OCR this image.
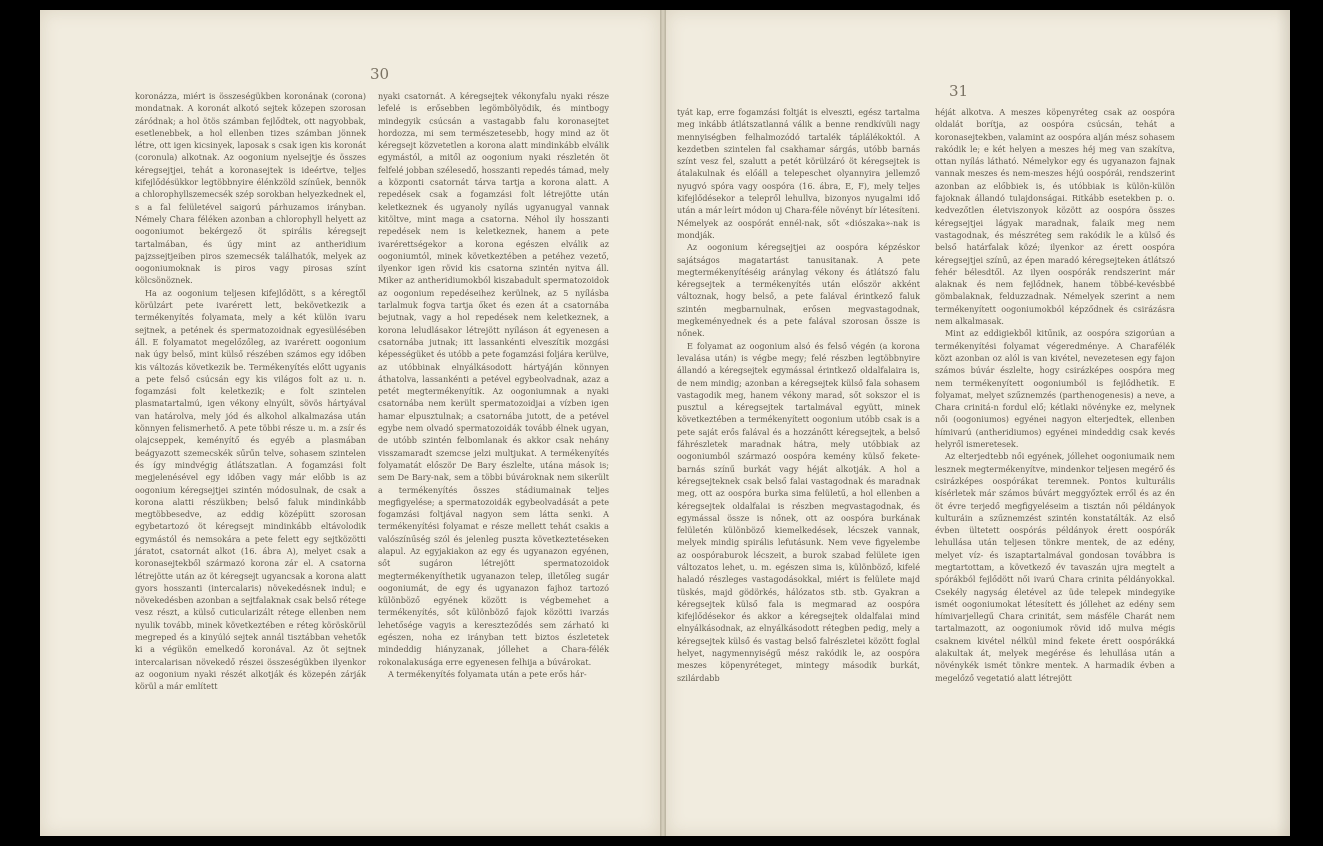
30

koronázza, miért is összeségükben koronának (corona) mondatnak. A koronát alkotó sejtek közepen szorosan záródnak; a hol ötös számban fejlődtek, ott nagyobbak, esetlenebbek, a hol ellenben tizes számban jönnek létre, ott igen kicsinyek, laposak s csak igen kis koronát (coronula) alkotnak. Az oogonium nyelsejtje és összes kéregsejtjei, tehát a koronasejtek is ideértve, teljes kifejlődésükkor legtöbbnyire élénkzöld színűek, bennök a chlorophyllszemecsék szép sorokban helyezkednek el, s a fal felületével saigorú párhuzamos irányban. Némely Chara féléken azonban a chlorophyll helyett az oogoniumot bekérgező öt spirális kéregsejt tartalmában, és úgy mint az antheridium pajzssejtjeiben piros szemecsék találhatók, melyek az oogoniumoknak is piros vagy pirosas színt kölcsönöznek.

Ha az oogonium teljesen kifejlődött, s a kéregtől körülzárt pete ivarérett lett, bekövetkezik a termékenyítés folyamata, mely a két külön ivaru sejtnek, a petének és spermatozoidnak egyesülésében áll. E folyamatot megelőzőleg, az ivarérett oogonium nak úgy belső, mint külső részében számos egy időben kis változás következik be. Termékenyítés előtt ugyanis a pete felső csúcsán egy kis világos folt az u. n. fogamzási folt keletkezik; e folt szintelen plasmatartalmú, igen vékony elnyúlt, sövös hártyával van határolva, mely jód és alkohol alkalmazása után könnyen felismerhető. A pete többi része u. m. a zsír és olajcseppek, keményítő és egyéb a plasmában beágyazott szemecskék sűrűn telve, sohasem szintelen és így mindvégig átlátszatlan. A fogamzási folt megjelenésével egy időben vagy már előbb is az oogonium kéregsejtjei szintén módosulnak, de csak a korona alatti részükben; belső faluk mindinkább megtöbbesedve, az eddig középütt szorosan egybetartozó öt kéregsejt mindinkább eltávolodik egymástól és nemsokára a pete felett egy sejtközötti járatot, csatornát alkot (16. ábra A), melyet csak a koronasejtekből származó korona zár el. A csatorna létrejötte után az öt kéregsejt ugyancsak a korona alatt gyors hosszanti (intercalaris) növekedésnek indul; e növekedésben azonban a sejtfalaknak csak belső rétege vesz részt, a külső cuticularizált rétege ellenben nem nyulik tovább, minek következtében e réteg köröskörül megreped és a kinyúló sejtek annál tisztábban vehetők ki a végükön emelkedő koronával. Az öt sejtnek intercalarisan növekedő részei összeségükben ilyenkor az oogonium nyaki részét alkotják és közepén zárják körül a már említett

nyaki csatornát. A kéregsejtek vékonyfalu nyaki része lefelé is erősebben legömbölyödik, és mintbogy mindegyik csúcsán a vastagabb falu koronasejtet hordozza, mi sem természetesebb, hogy mind az öt kéregsejt közvetetlen a korona alatt mindinkább elválik egymástól, a mitől az oogonium nyaki részletén öt felfelé jobban szélesedő, hosszanti repedés támad, mely a központi csatornát tárva tartja a korona alatt. A repedések csak a fogamzási folt létrejötte után keletkeznek és ugyanoly nyílás ugyanugyal vannak kitöltve, mint maga a csatorna. Néhol ily hosszanti repedések nem is keletkeznek, hanem a pete ivarérettségekor a korona egészen elválik az oogoniumtól, minek következtében a petéhez vezető, ilyenkor igen rövid kis csatorna szintén nyitva áll. Miker az antheridiumokból kiszabadult spermatozoidok az oogonium repedéseihez kerülnek, az 5 nyílásba tarlalmuk fogva tartja őket és ezen át a csatornába bejutnak, vagy a hol repedések nem keletkeznek, a korona leludlásakor létrejött nyíláson át egyenesen a csatornába jutnak; itt lassankénti elveszítik mozgási képességüket és utóbb a pete fogamzási foljára kerülve, az utóbbinak elnyálkásodott hártyáján könnyen áthatolva, lassankénti a petével egybeolvadnak, azaz a petét megtermékenyítik. Az oogoniumnak a nyaki csatornába nem került spermatozoidjai a vízben igen hamar elpusztulnak; a csatornába jutott, de a petével egybe nem olvadó spermatozoidák tovább élnek ugyan, de utóbb szintén felbomlanak és akkor csak nehány visszamaradt szemcse jelzi multjukat. A termékenyítés folyamatát először De Bary észlelte, utána mások is; sem De Bary-nak, sem a többi búvároknak nem sikerült a termékenyítés összes stádiumainak teljes megfigyelése; a spermatozoidák egybeolvadását a pete fogamzási foltjával nagyon sem látta senki. A termékenyítési folyamat e része mellett tehát csakis a valószínűség szól és jelenleg puszta következtetéseken alapul. Az egyjakiakon az egy és ugyanazon egyénen, sőt sugáron létrejött spermatozoidok megtermékenyíthetik ugyanazon telep, illetőleg sugár oogoniumát, de egy és ugyanazon fajhoz tartozó különböző egyének között is végbemehet a termékenyítés, sőt különböző fajok közötti ivarzás lehetősége vagyis a kereszteződés sem zárható ki egészen, noha ez irányban tett biztos észletetek mindeddig hiányzanak, jóllehet a Chara-félék rokonalakusága erre egyenesen felhija a búvárokat.

A termékenyítés folyamata után a pete erős hár-

31

tyát kap, erre fogamzási foltját is elveszti, egész tartalma meg inkább átlátszatlanná válik a benne rendkívüli nagy mennyiségben felhalmozódó tartalék táplálékoktól. A kezdetben szintelen fal csakhamar sárgás, utóbb barnás színt vesz fel, szalutt a petét körülzáró öt kéregsejtek is átalakulnak és előáll a telepeschet olyannyira jellemző nyugvó spóra vagy oospóra (16. ábra, E, F), mely teljes kifejlődésekor a telepről lehullva, bizonyos nyugalmi idő után a már leírt módon uj Chara-féle növényt bír létesíteni. Némelyek az oospórát ennél-nak, sőt «diószaka»-nak is mondják.

Az oogonium kéregsejtjei az oospóra képzéskor sajátságos magatartást tanusitanak. A pete megtermékenyítéséig aránylag vékony és átlátszó falu kéregsejtek a termékenyítés után először akként változnak, hogy belső, a pete falával érintkező faluk szintén megbarnulnak, erősen megvastagodnak, megkeményednek és a pete falával szorosan össze is nőnek.

E folyamat az oogonium alsó és felső végén (a korona levalása után) is végbe megy; felé részben legtöbbnyire állandó a kéregsejtek egymással érintkező oldalfalaira is, de nem mindig; azonban a kéregsejtek külső fala sohasem vastagodik meg, hanem vékony marad, sőt sokszor el is pusztul a kéregsejtek tartalmával együtt, minek következtében a termékenyített oogonium utóbb csak is a pete saját erős falával és a hozzánőtt kéregsejtek, a belső fáhrészletek maradnak hátra, mely utóbbiak az oogoniumból származó oospóra kemény külső fekete-barnás színű burkát vagy héját alkotják. A hol a kéregsejteknek csak belső falai vastagodnak és maradnak meg, ott az oospóra burka sima felületű, a hol ellenben a kéregsejtek oldalfalai is részben megvastagodnak, és egymással össze is nőnek, ott az oospóra burkának felületén különböző kiemelkedések, lécszek vannak, melyek mindig spirális lefutásunk. Nem veve figyelembe az oospóraburok lécszeit, a burok szabad felülete igen változatos lehet, u. m. egészen sima is, különböző, kifelé haladó részleges vastagodásokkal, miért is felülete majd tüskés, majd gödörkés, hálózatos stb. stb. Gyakran a kéregsejtek külső fala is megmarad az oospóra kifejlődésekor és akkor a kéregsejtek oldalfalai mind elnyálkásodnak, az elnyálkásodott rétegben pedig, mely a kéregsejtek külső és vastag belső falrészletei között foglal helyet, nagymennyiségű mész rakódik le, az oospóra meszes köpenyréteget, mintegy második burkát, szilárdabb

héját alkotva. A meszes köpenyréteg csak az oospóra oldalát borítja, az oospóra csúcsán, tehát a koronasejtekben, valamint az oospóra alján mész sohasem rakódik le; e két helyen a meszes héj meg van szakítva, ottan nyílás látható. Némelykor egy és ugyanazon fajnak vannak meszes és nem-meszes héjú oospórái, rendszerint azonban az előbbiek is, és utóbbiak is külön-külön fajoknak állandó tulajdonságai. Ritkább esetekben p. o. kedvezőtlen életviszonyok között az oospóra összes kéregsejtjei lágyak maradnak, falaik meg nem vastagodnak, és mészréteg sem rakódik le a külső és belső határfalak közé; ilyenkor az érett oospóra kéregsejtjei színű, az épen maradó kéregsejteken átlátszó fehér bélesdtől. Az ilyen oospórák rendszerint már alaknak és nem fejlődnek, hanem többé-kevésbbé gömbalaknak, felduzzadnak. Némelyek szerint a nem termékenyített oogoniumokból képződnek és csirázásra nem alkalmasak.

Mint az eddigiekből kitűnik, az oospóra szigorúan a termékenyítési folyamat végeredménye. A Charafélék közt azonban oz alól is van kivétel, nevezetesen egy fajon számos búvár észlelte, hogy csirázképes oospóra meg nem termékenyített oogoniumból is fejlődhetik. E folyamat, melyet szűznemzés (parthenogenesis) a neve, a Chara crinitá-n fordul elő; kétlaki növényke ez, melynek női (oogoniumos) egyénei nagyon elterjedtek, ellenben hímivarú (antheridiumos) egyénei mindeddig csak kevés helyről ismeretesek.

Az elterjedtebb női egyének, jóllehet oogoniumaik nem lesznek megtermékenyítve, mindenkor teljesen megérő és csirázképes oospórákat teremnek. Pontos kulturális kísérletek már számos búvárt meggyőztek erről és az én öt évre terjedő megfigyeléseim a tisztán női példányok kulturáin a szűznemzést szintén konstatálták. Az első évben ültetett oospórás példányok érett oospórák lehullása után teljesen tönkre mentek, de az edény, melyet víz- és iszaptartalmával gondosan továbbra is megtartottam, a következő év tavaszán ujra megtelt a spórákból fejlődött női ivarú Chara crinita példányokkal. Csekély nagyság életével az üde telepek mindegyike ismét oogoniumokat létesített és jóllehet az edény sem hímivarjellegű Chara crinitát, sem másféle Charát nem tartalmazott, az oogoniumok rövid idő mulva mégis csaknem kivétel nélkül mind fekete érett oospórákká alakultak át, melyek megérése és lehullása után a növénykék ismét tönkre mentek. A harmadik évben a megelőző vegetatió alatt létrejött
